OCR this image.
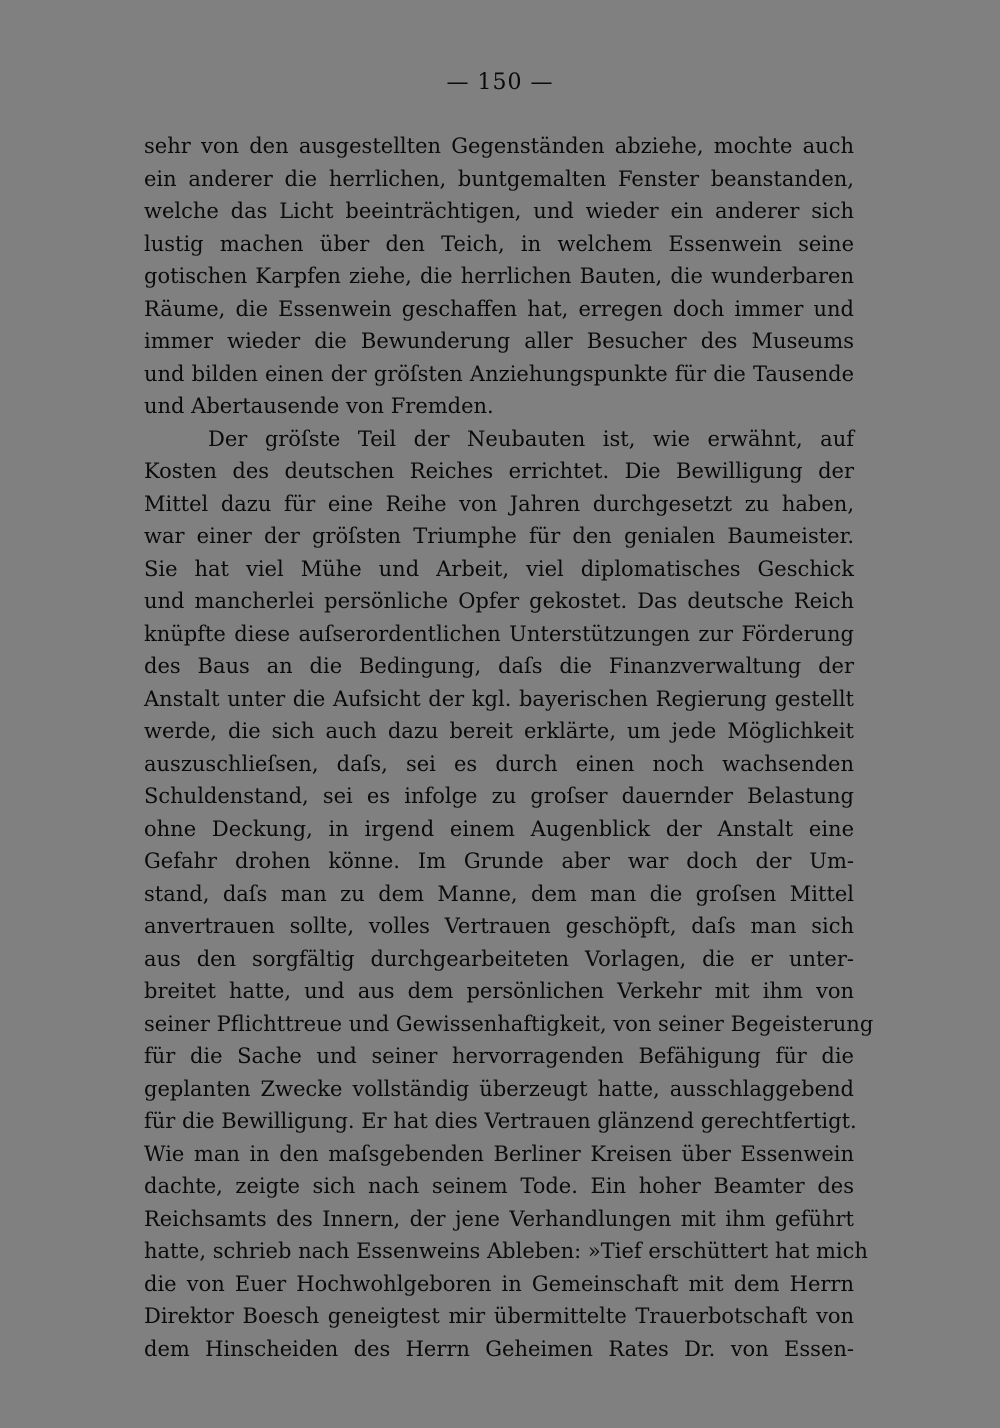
— 150 —
sehr von den ausgestellten Gegenständen abziehe, mochte auch
ein anderer die herrlichen, buntgemalten Fenster beanstanden,
welche das Licht beeinträchtigen, und wieder ein anderer sich
lustig machen über den Teich, in welchem Essenwein seine
gotischen Karpfen ziehe, die herrlichen Bauten, die wunderbaren
Räume, die Essenwein geschaffen hat, erregen doch immer und
immer wieder die Bewunderung aller Besucher des Museums
und bilden einen der gröſsten Anziehungspunkte für die Tausende
und Abertausende von Fremden.
Der gröſste Teil der Neubauten ist, wie erwähnt, auf
Kosten des deutschen Reiches errichtet. Die Bewilligung der
Mittel dazu für eine Reihe von Jahren durchgesetzt zu haben,
war einer der gröſsten Triumphe für den genialen Baumeister.
Sie hat viel Mühe und Arbeit, viel diplomatisches Geschick
und mancherlei persönliche Opfer gekostet. Das deutsche Reich
knüpfte diese auſserordentlichen Unterstützungen zur Förderung
des Baus an die Bedingung, daſs die Finanzverwaltung der
Anstalt unter die Aufsicht der kgl. bayerischen Regierung gestellt
werde, die sich auch dazu bereit erklärte, um jede Möglichkeit
auszuschlieſsen, daſs, sei es durch einen noch wachsenden
Schuldenstand, sei es infolge zu groſser dauernder Belastung
ohne Deckung, in irgend einem Augenblick der Anstalt eine
Gefahr drohen könne. Im Grunde aber war doch der Um-
stand, daſs man zu dem Manne, dem man die groſsen Mittel
anvertrauen sollte, volles Vertrauen geschöpft, daſs man sich
aus den sorgfältig durchgearbeiteten Vorlagen, die er unter-
breitet hatte, und aus dem persönlichen Verkehr mit ihm von
seiner Pflichttreue und Gewissenhaftigkeit, von seiner Begeisterung
für die Sache und seiner hervorragenden Befähigung für die
geplanten Zwecke vollständig überzeugt hatte, ausschlaggebend
für die Bewilligung. Er hat dies Vertrauen glänzend gerechtfertigt.
Wie man in den maſsgebenden Berliner Kreisen über Essenwein
dachte, zeigte sich nach seinem Tode. Ein hoher Beamter des
Reichsamts des Innern, der jene Verhandlungen mit ihm geführt
hatte, schrieb nach Essenweins Ableben: »Tief erschüttert hat mich
die von Euer Hochwohlgeboren in Gemeinschaft mit dem Herrn
Direktor Boesch geneigtest mir übermittelte Trauerbotschaft von
dem Hinscheiden des Herrn Geheimen Rates Dr. von Essen-
